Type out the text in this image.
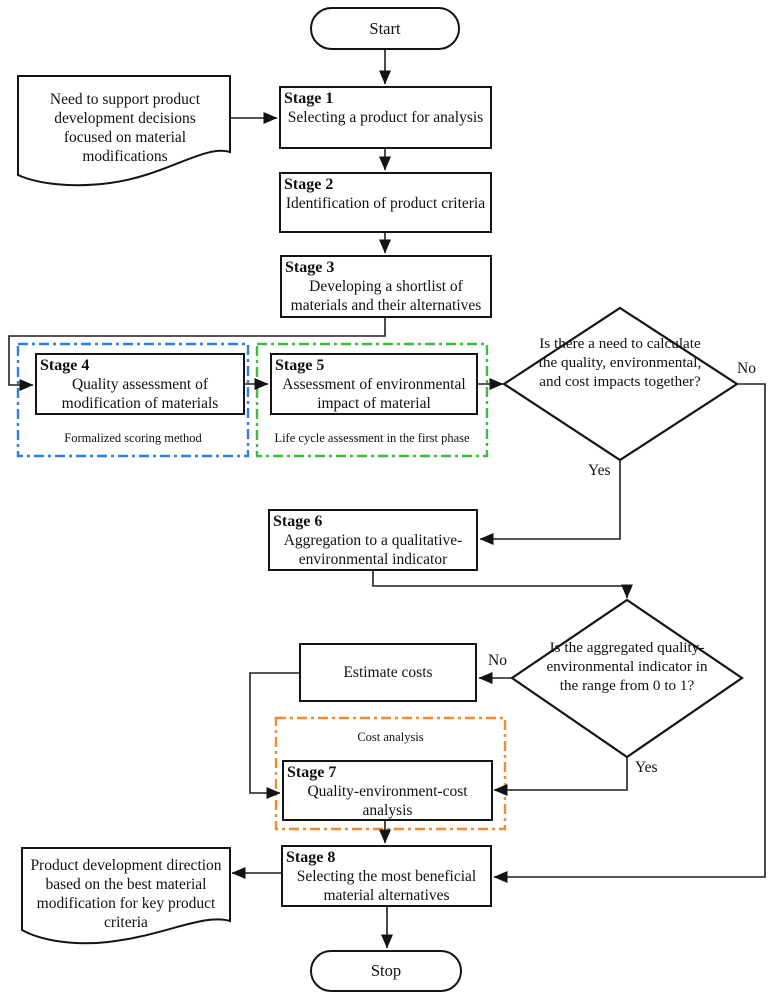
Start
Stop
Need to support product development decisions focused on material modifications
Product development direction based on the best material modification for key product criteria
Stage 1
Selecting a product for analysis
Stage 2
Identification of product criteria
Stage 3
Developing a shortlist of materials and their alternatives
Stage 4
Quality assessment of modification of materials
Stage 5
Assessment of environmental impact of material
Stage 6
Aggregation to a qualitative-environmental indicator
Stage 7
Quality-environment-cost analysis
Stage 8
Selecting the most beneficial material alternatives
Estimate costs
Formalized scoring method	Life cycle assessment in the first phase
Cost analysis
Is there a need to calculate the quality, environmental, and cost impacts together?
Is the aggregated quality-environmental indicator in the range from 0 to 1?
No
Yes
No
Yes
